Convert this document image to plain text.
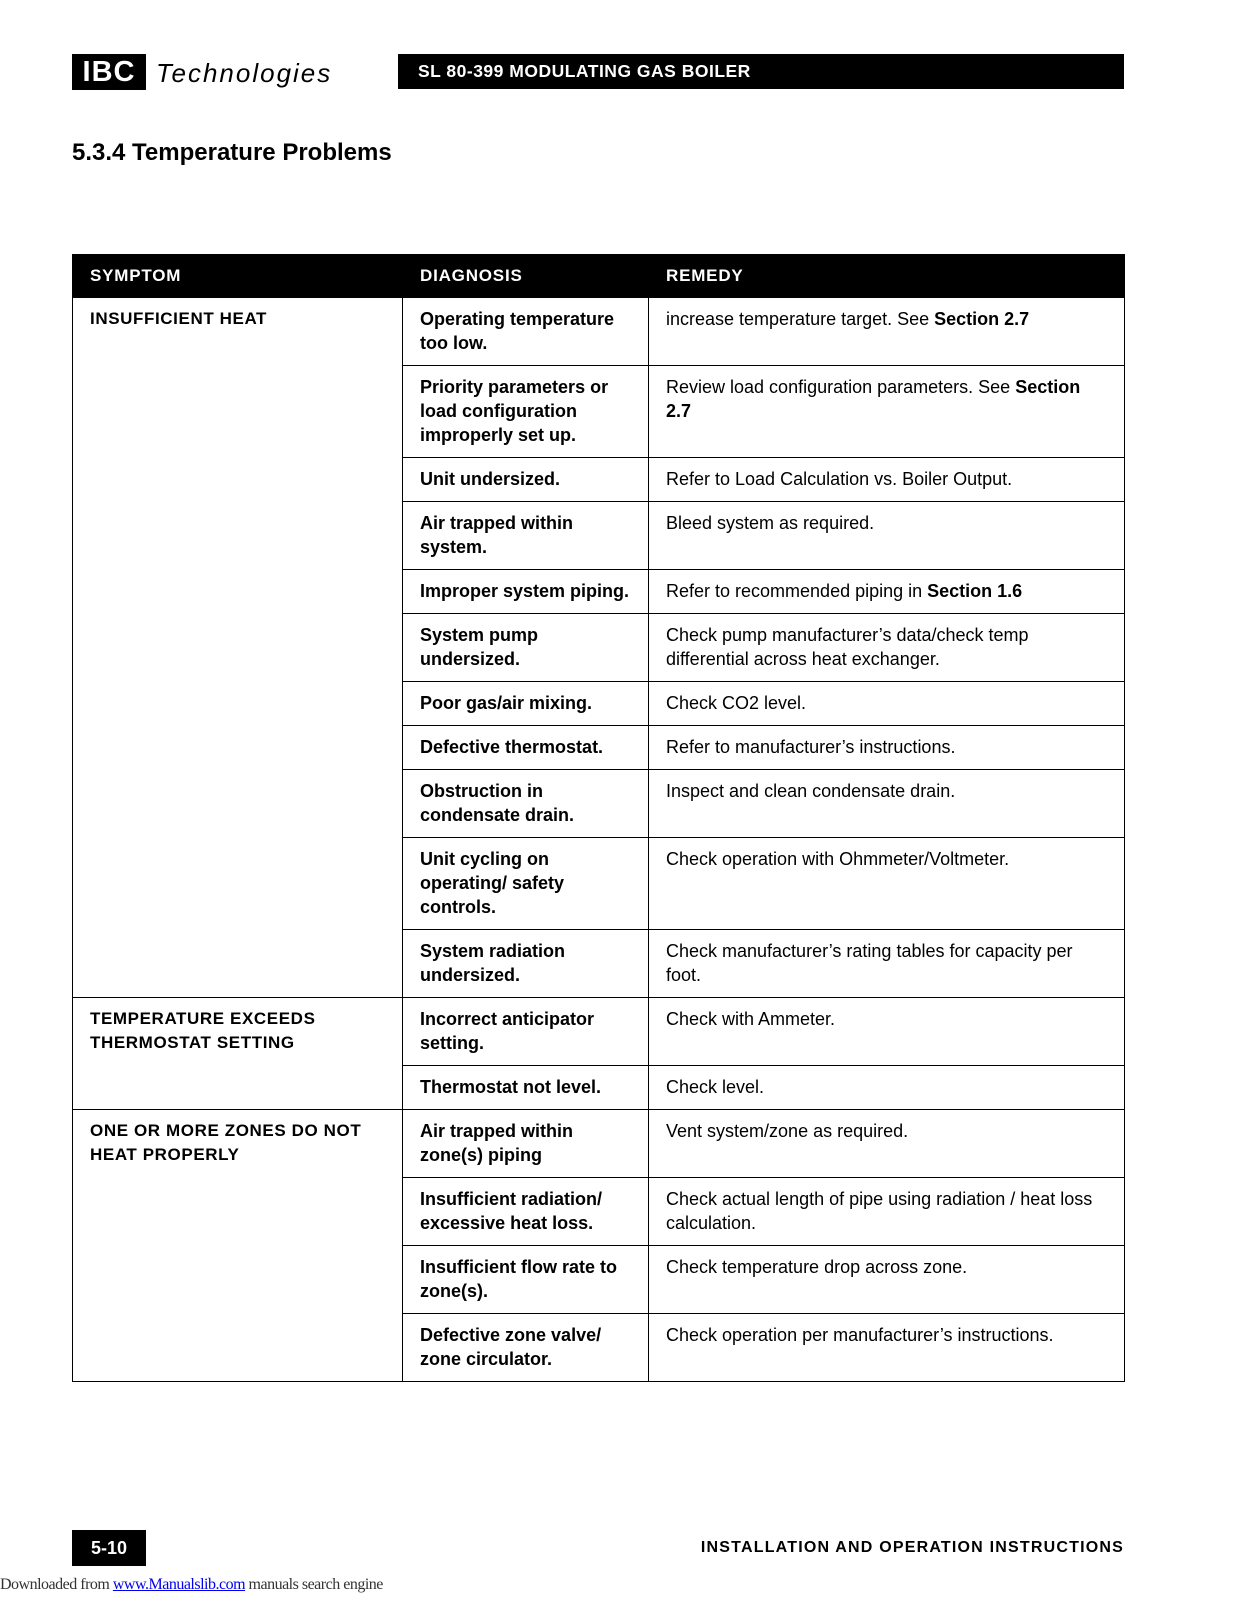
IBC Technologies	SL 80-399 MODULATING GAS BOILER
5.3.4 Temperature Problems
SYMPTOM	DIAGNOSIS	REMEDY
INSUFFICIENT HEAT	Operating temperature too low.	increase temperature target. See Section 2.7
	Priority parameters or load configuration improperly set up.	Review load configuration parameters. See Section 2.7
	Unit undersized.	Refer to Load Calculation vs. Boiler Output.
	Air trapped within system.	Bleed system as required.
	Improper system piping.	Refer to recommended piping in Section 1.6
	System pump undersized.	Check pump manufacturer’s data/check temp differential across heat exchanger.
	Poor gas/air mixing.	Check CO2 level.
	Defective thermostat.	Refer to manufacturer’s instructions.
	Obstruction in condensate drain.	Inspect and clean condensate drain.
	Unit cycling on operating/ safety controls.	Check operation with Ohmmeter/Voltmeter.
	System radiation undersized.	Check manufacturer’s rating tables for capacity per foot.
TEMPERATURE EXCEEDS THERMOSTAT SETTING	Incorrect anticipator setting.	Check with Ammeter.
	Thermostat not level.	Check level.
ONE OR MORE ZONES DO NOT HEAT PROPERLY	Air trapped within zone(s) piping	Vent system/zone as required.
	Insufficient radiation/ excessive heat loss.	Check actual length of pipe using radiation / heat loss calculation.
	Insufficient flow rate to zone(s).	Check temperature drop across zone.
	Defective zone valve/ zone circulator.	Check operation per manufacturer’s instructions.
5-10	INSTALLATION AND OPERATION INSTRUCTIONS
Downloaded from www.Manualslib.com manuals search engine
